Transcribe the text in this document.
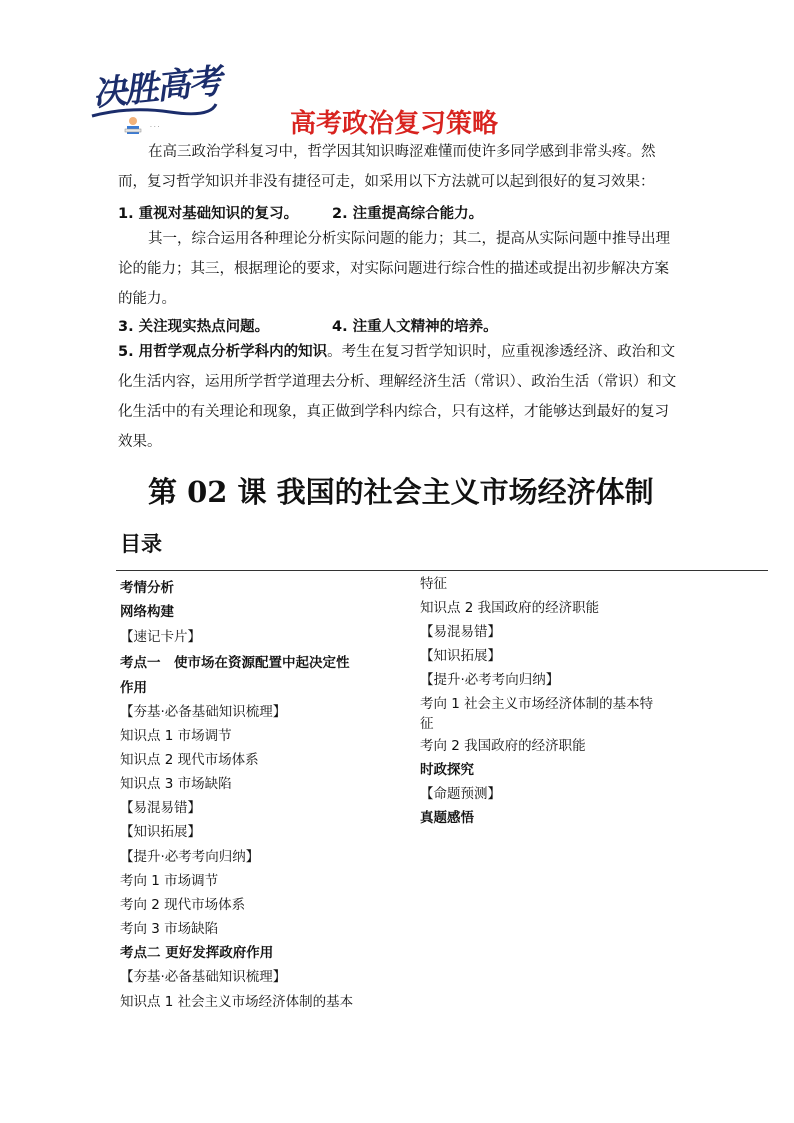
决胜高考
· · ·	高考政治复习策略
在高三政治学科复习中，哲学因其知识晦涩难懂而使许多同学感到非常头疼。然而，复习哲学知识并非没有捷径可走，如采用以下方法就可以起到很好的复习效果：
1. 重视对基础知识的复习。 2. 注重提高综合能力。
其一，综合运用各种理论分析实际问题的能力；其二，提高从实际问题中推导出理论的能力；其三，根据理论的要求，对实际问题进行综合性的描述或提出初步解决方案的能力。
3. 关注现实热点问题。	4. 注重人文精神的培养。
5. 用哲学观点分析学科内的知识。考生在复习哲学知识时，应重视渗透经济、政治和文化生活内容，运用所学哲学道理去分析、理解经济生活（常识）、政治生活（常识）和文化生活中的有关理论和现象，真正做到学科内综合，只有这样，才能够达到最好的复习效果。
第 02 课 我国的社会主义市场经济体制
目录
考情分析
网络构建
【速记卡片】
考点一　使市场在资源配置中起决定性
作用
【夯基·必备基础知识梳理】
知识点 1 市场调节
知识点 2 现代市场体系
知识点 3 市场缺陷
【易混易错】
【知识拓展】
【提升·必考考向归纳】
考向 1 市场调节
考向 2 现代市场体系
考向 3 市场缺陷
考点二 更好发挥政府作用
【夯基·必备基础知识梳理】
知识点 1 社会主义市场经济体制的基本
特征
知识点 2 我国政府的经济职能
【易混易错】
【知识拓展】
【提升·必考考向归纳】
考向 1 社会主义市场经济体制的基本特
征
考向 2 我国政府的经济职能
时政探究
【命题预测】
真题感悟
